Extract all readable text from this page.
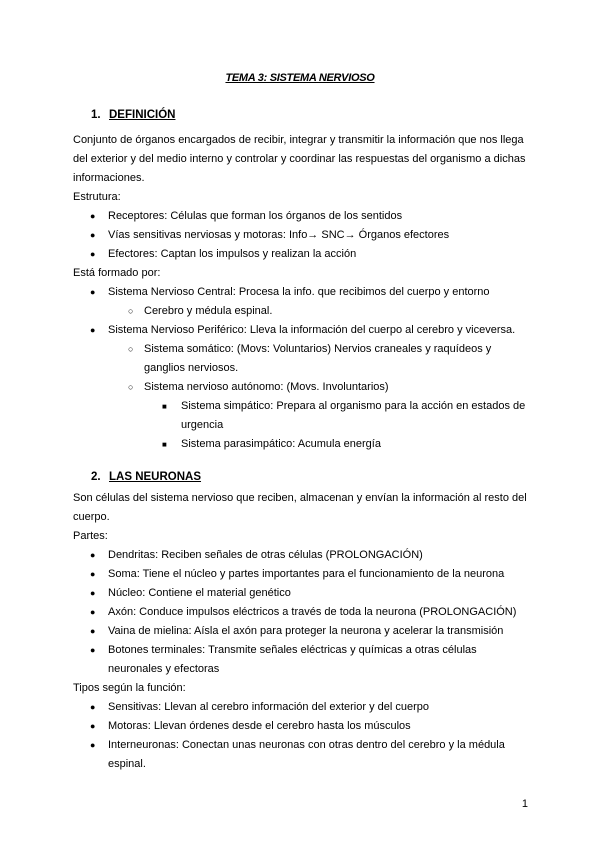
TEMA 3: SISTEMA NERVIOSO
1. DEFINICIÓN

Conjunto de órganos encargados de recibir, integrar y transmitir la información que nos llega del exterior y del medio interno y controlar y coordinar las respuestas del organismo a dichas informaciones.

Estrutura:

● Receptores: Células que forman los órganos de los sentidos
● Vías sensitivas nerviosas y motoras: Info→ SNC→ Órganos efectores
● Efectores: Captan los impulsos y realizan la acción

Está formado por:

● Sistema Nervioso Central: Procesa la info. que recibimos del cuerpo y entorno
○ Cerebro y médula espinal.
● Sistema Nervioso Periférico: Lleva la información del cuerpo al cerebro y viceversa.
○ Sistema somático: (Movs: Voluntarios) Nervios craneales y raquídeos y ganglios nerviosos.
○ Sistema nervioso autónomo: (Movs. Involuntarios)
■ Sistema simpático: Prepara al organismo para la acción en estados de urgencia
■ Sistema parasimpático: Acumula energía
2. LAS NEURONAS

Son células del sistema nervioso que reciben, almacenan y envían la información al resto del cuerpo.

Partes:

● Dendritas: Reciben señales de otras células (PROLONGACIÓN)
● Soma: Tiene el núcleo y partes importantes para el funcionamiento de la neurona
● Núcleo: Contiene el material genético
● Axón: Conduce impulsos eléctricos a través de toda la neurona (PROLONGACIÓN)
● Vaina de mielina: Aísla el axón para proteger la neurona y acelerar la transmisión
● Botones terminales: Transmite señales eléctricas y químicas a otras células neuronales y efectoras

Tipos según la función:

● Sensitivas: Llevan al cerebro información del exterior y del cuerpo
● Motoras: Llevan órdenes desde el cerebro hasta los músculos
● Interneuronas: Conectan unas neuronas con otras dentro del cerebro y la médula espinal.
1
